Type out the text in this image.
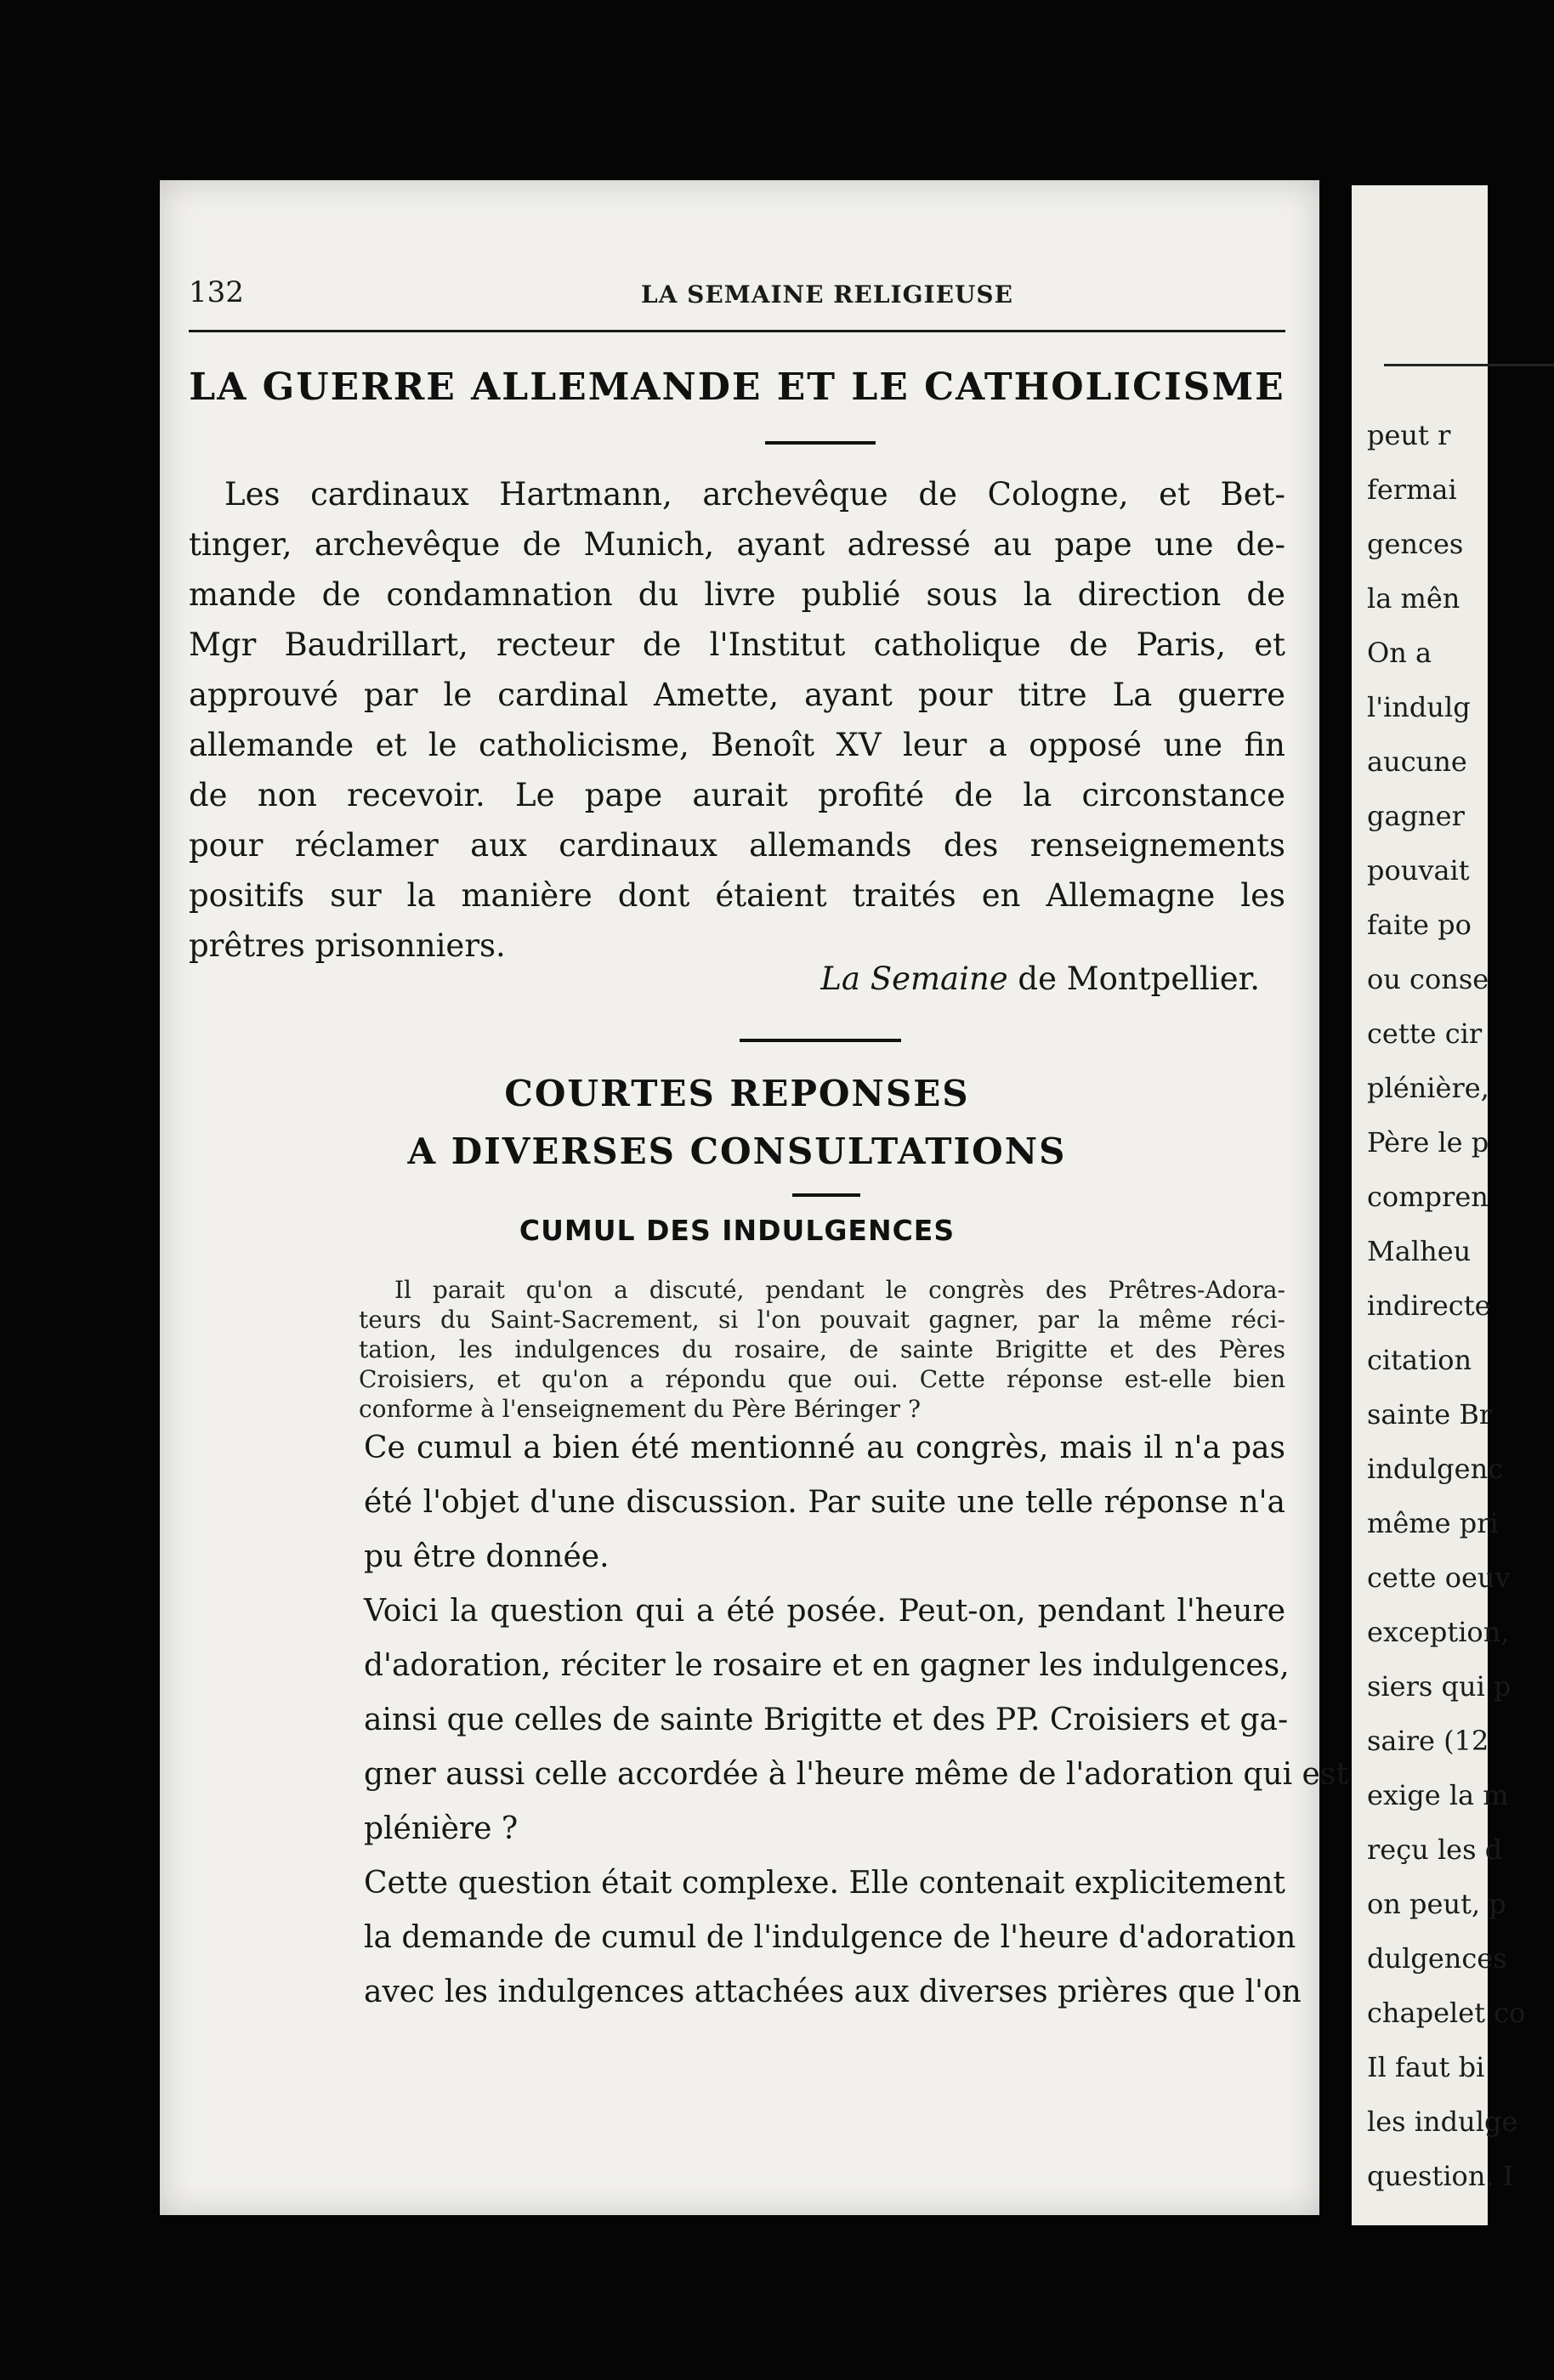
peut r
fermai
gences
la mên
On a
l'indulg
aucune
gagner
pouvait
faite po
ou conse
cette cir
plénière,
Père le p
compren
Malheu
indirecte
citation
sainte Br
indulgenc
même pri
cette oeuv
exception,
siers qui p
saire (12
exige la m
reçu les d
on peut, p
dulgences
chapelet co
Il faut bi
les indulge
question. I
132	LA SEMAINE RELIGIEUSE
LA GUERRE ALLEMANDE ET LE CATHOLICISME
Les cardinaux Hartmann, archevêque de Cologne, et Bet-
tinger, archevêque de Munich, ayant adressé au pape une de-
mande de condamnation du livre publié sous la direction de
Mgr Baudrillart, recteur de l'Institut catholique de Paris, et
approuvé par le cardinal Amette, ayant pour titre La guerre
allemande et le catholicisme, Benoît XV leur a opposé une fin
de non recevoir. Le pape aurait profité de la circonstance
pour réclamer aux cardinaux allemands des renseignements
positifs sur la manière dont étaient traités en Allemagne les
prêtres prisonniers.
La Semaine de Montpellier.
COURTES REPONSES
A DIVERSES CONSULTATIONS
CUMUL DES INDULGENCES
Il parait qu'on a discuté, pendant le congrès des Prêtres-Adora-
teurs du Saint-Sacrement, si l'on pouvait gagner, par la même réci-
tation, les indulgences du rosaire, de sainte Brigitte et des Pères
Croisiers, et qu'on a répondu que oui. Cette réponse est-elle bien
conforme à l'enseignement du Père Béringer ?
Ce cumul a bien été mentionné au congrès, mais il n'a pas
été l'objet d'une discussion. Par suite une telle réponse n'a
pu être donnée.
Voici la question qui a été posée. Peut-on, pendant l'heure
d'adoration, réciter le rosaire et en gagner les indulgences,
ainsi que celles de sainte Brigitte et des PP. Croisiers et ga-
gner aussi celle accordée à l'heure même de l'adoration qui est
plénière ?
Cette question était complexe. Elle contenait explicitement
la demande de cumul de l'indulgence de l'heure d'adoration
avec les indulgences attachées aux diverses prières que l'on
